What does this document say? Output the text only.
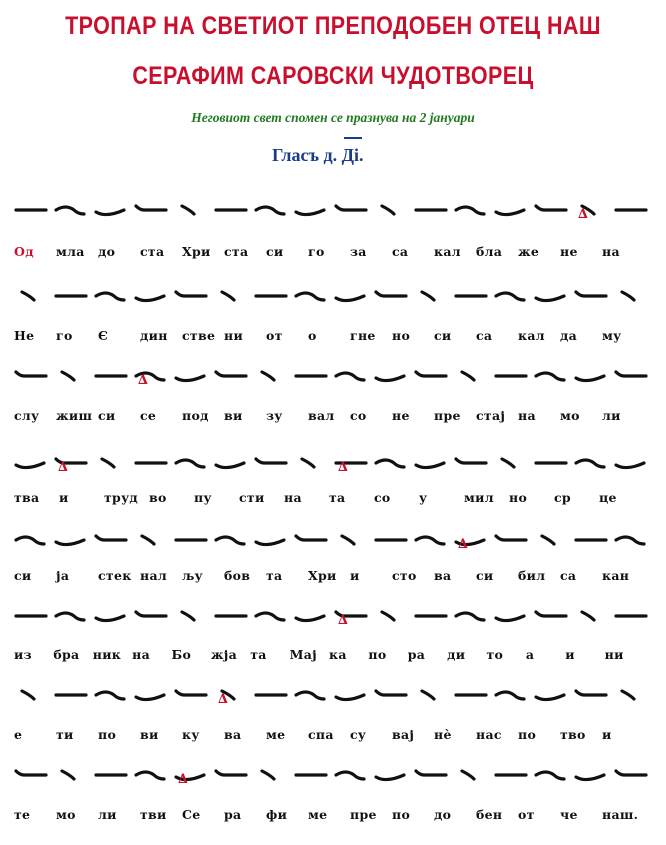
ТРОПАР НА СВЕТИОТ ПРЕПОДОБЕН ОТЕЦ НАШ
СЕРАФИМ САРОВСКИ ЧУДОТВОРЕЦ
Неговиот свет спомен се празнува на 2 јануари
Гласъ д. Ді.
∆
Од мла до ста Хри ста си го за са кал бла же не на
Не го Є	дин стве ни от о	гне но си са кал да му
∆
слу жиш си се под ви зу вал со не пре стај на мо ли
∆	∆
тва и	труд во пу сти на та со у	мил но ср це
∆
си ја стек нал љу бов та Хри и	сто ва си бил са кан
∆
из бра ник на Бо жја та Мај ка по ра ди то а и ни
∆
е	ти по ви ку ва ме спа су вај нè нас по тво и
∆
те мо ли тви Се ра фи ме пре по до бен от че наш.
